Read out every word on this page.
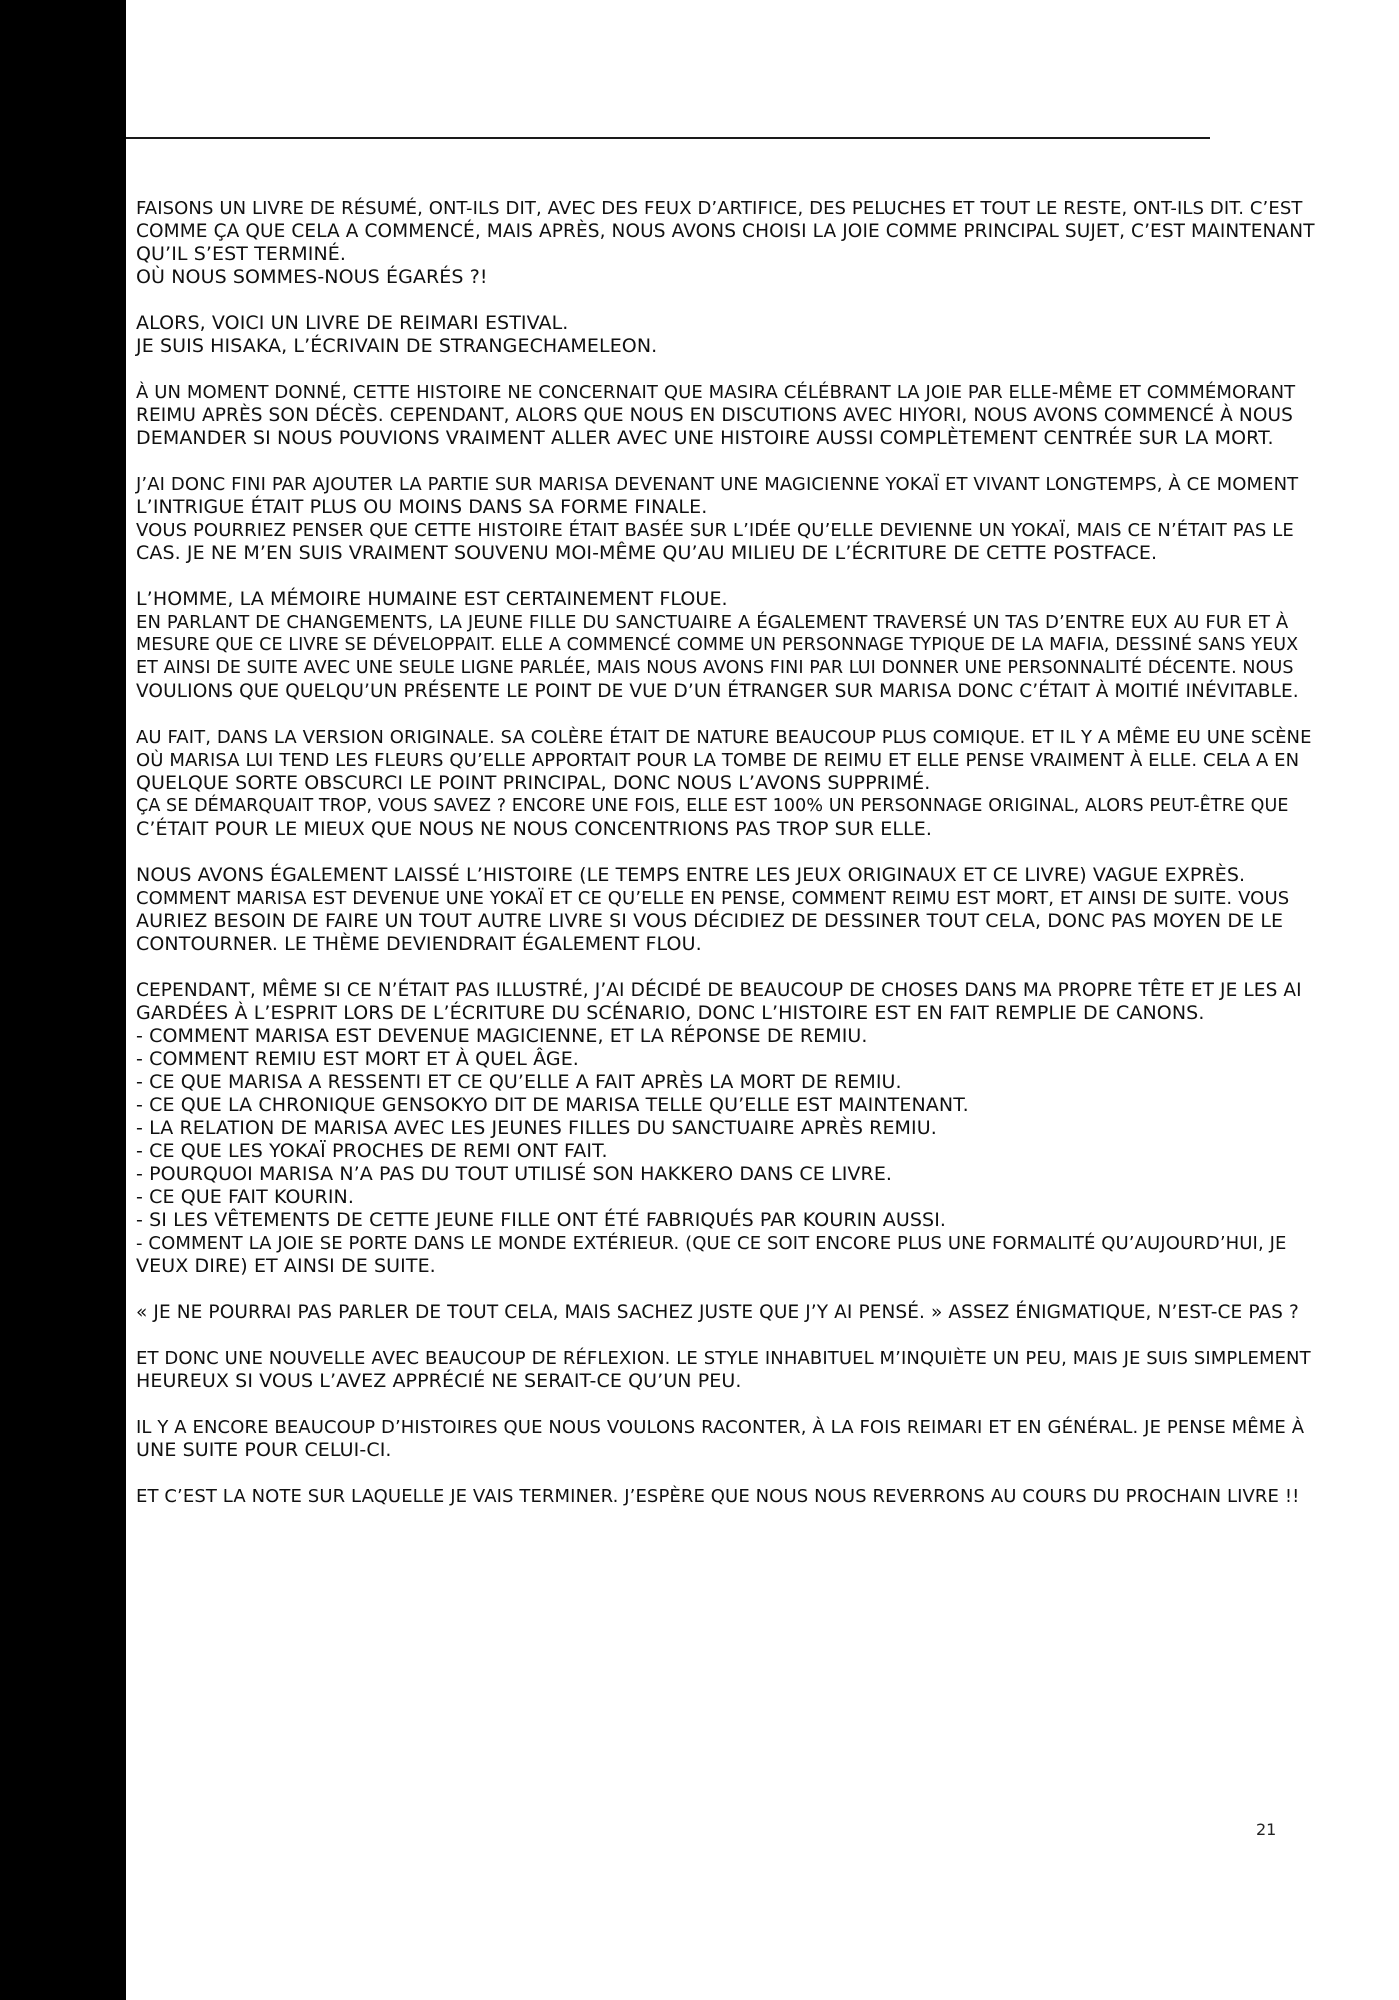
FAISONS UN LIVRE DE RÉSUMÉ, ONT-ILS DIT, AVEC DES FEUX D’ARTIFICE, DES PELUCHES ET TOUT LE RESTE, ONT-ILS DIT. C’EST
COMME ÇA QUE CELA A COMMENCÉ, MAIS APRÈS, NOUS AVONS CHOISI LA JOIE COMME PRINCIPAL SUJET, C’EST MAINTENANT
QU’IL S’EST TERMINÉ.
OÙ NOUS SOMMES-NOUS ÉGARÉS ?!
ALORS, VOICI UN LIVRE DE REIMARI ESTIVAL.
JE SUIS HISAKA, L’ÉCRIVAIN DE STRANGECHAMELEON.
À UN MOMENT DONNÉ, CETTE HISTOIRE NE CONCERNAIT QUE MASIRA CÉLÉBRANT LA JOIE PAR ELLE-MÊME ET COMMÉMORANT
REIMU APRÈS SON DÉCÈS. CEPENDANT, ALORS QUE NOUS EN DISCUTIONS AVEC HIYORI, NOUS AVONS COMMENCÉ À NOUS
DEMANDER SI NOUS POUVIONS VRAIMENT ALLER AVEC UNE HISTOIRE AUSSI COMPLÈTEMENT CENTRÉE SUR LA MORT.
J’AI DONC FINI PAR AJOUTER LA PARTIE SUR MARISA DEVENANT UNE MAGICIENNE YOKAÏ ET VIVANT LONGTEMPS, À CE MOMENT
L’INTRIGUE ÉTAIT PLUS OU MOINS DANS SA FORME FINALE.
VOUS POURRIEZ PENSER QUE CETTE HISTOIRE ÉTAIT BASÉE SUR L’IDÉE QU’ELLE DEVIENNE UN YOKAÏ, MAIS CE N’ÉTAIT PAS LE
CAS. JE NE M’EN SUIS VRAIMENT SOUVENU MOI-MÊME QU’AU MILIEU DE L’ÉCRITURE DE CETTE POSTFACE.
L’HOMME, LA MÉMOIRE HUMAINE EST CERTAINEMENT FLOUE.
EN PARLANT DE CHANGEMENTS, LA JEUNE FILLE DU SANCTUAIRE A ÉGALEMENT TRAVERSÉ UN TAS D’ENTRE EUX AU FUR ET À
MESURE QUE CE LIVRE SE DÉVELOPPAIT. ELLE A COMMENCÉ COMME UN PERSONNAGE TYPIQUE DE LA MAFIA, DESSINÉ SANS YEUX
ET AINSI DE SUITE AVEC UNE SEULE LIGNE PARLÉE, MAIS NOUS AVONS FINI PAR LUI DONNER UNE PERSONNALITÉ DÉCENTE. NOUS
VOULIONS QUE QUELQU’UN PRÉSENTE LE POINT DE VUE D’UN ÉTRANGER SUR MARISA DONC C’ÉTAIT À MOITIÉ INÉVITABLE.
AU FAIT, DANS LA VERSION ORIGINALE. SA COLÈRE ÉTAIT DE NATURE BEAUCOUP PLUS COMIQUE. ET IL Y A MÊME EU UNE SCÈNE
OÙ MARISA LUI TEND LES FLEURS QU’ELLE APPORTAIT POUR LA TOMBE DE REIMU ET ELLE PENSE VRAIMENT À ELLE. CELA A EN
QUELQUE SORTE OBSCURCI LE POINT PRINCIPAL, DONC NOUS L’AVONS SUPPRIMÉ.
ÇA SE DÉMARQUAIT TROP, VOUS SAVEZ ? ENCORE UNE FOIS, ELLE EST 100% UN PERSONNAGE ORIGINAL, ALORS PEUT-ÊTRE QUE
C’ÉTAIT POUR LE MIEUX QUE NOUS NE NOUS CONCENTRIONS PAS TROP SUR ELLE.
NOUS AVONS ÉGALEMENT LAISSÉ L’HISTOIRE (LE TEMPS ENTRE LES JEUX ORIGINAUX ET CE LIVRE) VAGUE EXPRÈS.
COMMENT MARISA EST DEVENUE UNE YOKAÏ ET CE QU’ELLE EN PENSE, COMMENT REIMU EST MORT, ET AINSI DE SUITE. VOUS
AURIEZ BESOIN DE FAIRE UN TOUT AUTRE LIVRE SI VOUS DÉCIDIEZ DE DESSINER TOUT CELA, DONC PAS MOYEN DE LE
CONTOURNER. LE THÈME DEVIENDRAIT ÉGALEMENT FLOU.
CEPENDANT, MÊME SI CE N’ÉTAIT PAS ILLUSTRÉ, J’AI DÉCIDÉ DE BEAUCOUP DE CHOSES DANS MA PROPRE TÊTE ET JE LES AI
GARDÉES À L’ESPRIT LORS DE L’ÉCRITURE DU SCÉNARIO, DONC L’HISTOIRE EST EN FAIT REMPLIE DE CANONS.
- COMMENT MARISA EST DEVENUE MAGICIENNE, ET LA RÉPONSE DE REMIU.
- COMMENT REMIU EST MORT ET À QUEL ÂGE.
- CE QUE MARISA A RESSENTI ET CE QU’ELLE A FAIT APRÈS LA MORT DE REMIU.
- CE QUE LA CHRONIQUE GENSOKYO DIT DE MARISA TELLE QU’ELLE EST MAINTENANT.
- LA RELATION DE MARISA AVEC LES JEUNES FILLES DU SANCTUAIRE APRÈS REMIU.
- CE QUE LES YOKAÏ PROCHES DE REMI ONT FAIT.
- POURQUOI MARISA N’A PAS DU TOUT UTILISÉ SON HAKKERO DANS CE LIVRE.
- CE QUE FAIT KOURIN.
- SI LES VÊTEMENTS DE CETTE JEUNE FILLE ONT ÉTÉ FABRIQUÉS PAR KOURIN AUSSI.
- COMMENT LA JOIE SE PORTE DANS LE MONDE EXTÉRIEUR. (QUE CE SOIT ENCORE PLUS UNE FORMALITÉ QU’AUJOURD’HUI, JE
VEUX DIRE) ET AINSI DE SUITE.
« JE NE POURRAI PAS PARLER DE TOUT CELA, MAIS SACHEZ JUSTE QUE J’Y AI PENSÉ. » ASSEZ ÉNIGMATIQUE, N’EST-CE PAS ?
ET DONC UNE NOUVELLE AVEC BEAUCOUP DE RÉFLEXION. LE STYLE INHABITUEL M’INQUIÈTE UN PEU, MAIS JE SUIS SIMPLEMENT
HEUREUX SI VOUS L’AVEZ APPRÉCIÉ NE SERAIT-CE QU’UN PEU.
IL Y A ENCORE BEAUCOUP D’HISTOIRES QUE NOUS VOULONS RACONTER, À LA FOIS REIMARI ET EN GÉNÉRAL. JE PENSE MÊME À
UNE SUITE POUR CELUI-CI.
ET C’EST LA NOTE SUR LAQUELLE JE VAIS TERMINER. J’ESPÈRE QUE NOUS NOUS REVERRONS AU COURS DU PROCHAIN LIVRE !!
21
